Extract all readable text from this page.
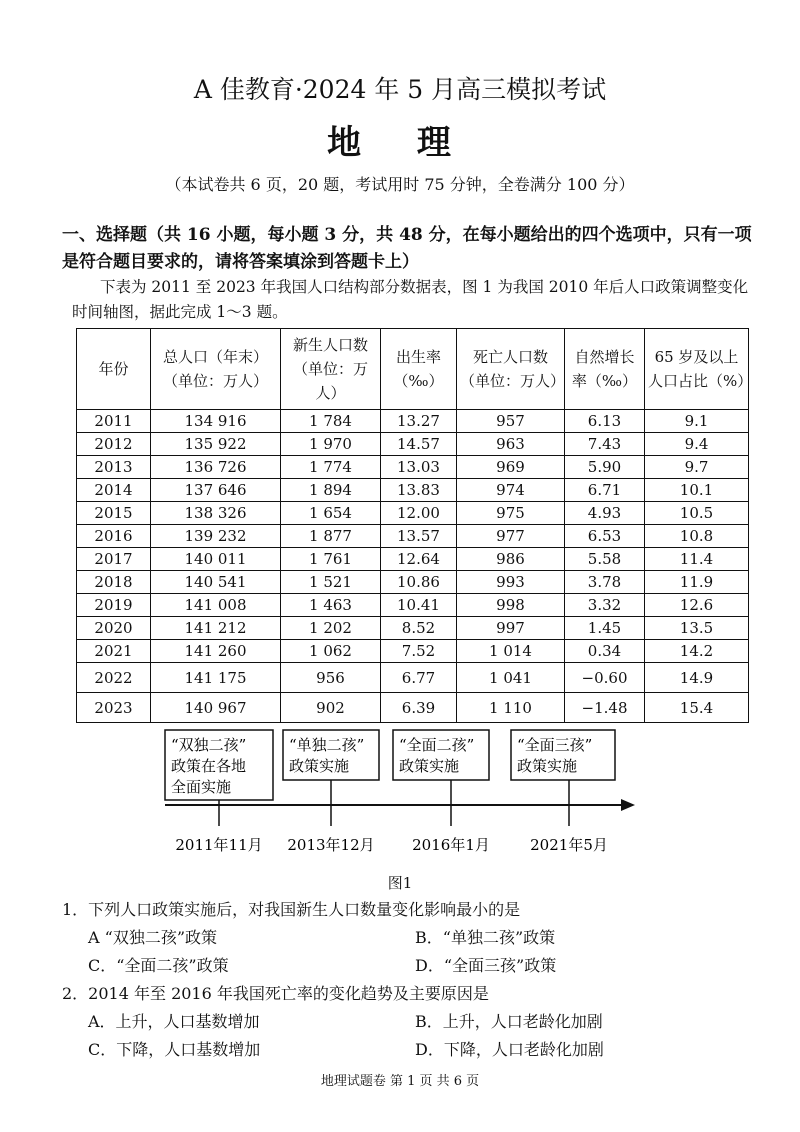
A 佳教育·2024 年 5 月高三模拟考试
地 理
（本试卷共 6 页，20 题，考试用时 75 分钟，全卷满分 100 分）
一、选择题（共 16 小题，每小题 3 分，共 48 分，在每小题给出的四个选项中，只有一项是符合题目要求的，请将答案填涂到答题卡上）
下表为 2011 至 2023 年我国人口结构部分数据表，图 1 为我国 2010 年后人口政策调整变化时间轴图，据此完成 1～3 题。
年份	总人口（年末）（单位：万人）	新生人口数（单位：万人）	出生率（‰）	死亡人口数（单位：万人）	自然增长率（‰）	65 岁及以上人口占比（%）
2011	134 916	1 784	13.27	957	6.13	9.1
2012	135 922	1 970	14.57	963	7.43	9.4
2013	136 726	1 774	13.03	969	5.90	9.7
2014	137 646	1 894	13.83	974	6.71	10.1
2015	138 326	1 654	12.00	975	4.93	10.5
2016	139 232	1 877	13.57	977	6.53	10.8
2017	140 011	1 761	12.64	986	5.58	11.4
2018	140 541	1 521	10.86	993	3.78	11.9
2019	141 008	1 463	10.41	998	3.32	12.6
2020	141 212	1 202	8.52	997	1.45	13.5
2021	141 260	1 062	7.52	1 014	0.34	14.2
2022	141 175	956	6.77	1 041	−0.60	14.9
2023	140 967	902	6.39	1 110	−1.48	15.4
“双独二孩”
政策在各地
全面实施
2011年11月
“单独二孩”
政策实施
2013年12月
“全面二孩”
政策实施
2016年1月
“全面三孩”
政策实施
2021年5月
图1
1．下列人口政策实施后，对我国新生人口数量变化影响最小的是
A “双独二孩”政策	B．“单独二孩”政策
C．“全面二孩”政策	D．“全面三孩”政策
2．2014 年至 2016 年我国死亡率的变化趋势及主要原因是
A．上升，人口基数增加	B．上升，人口老龄化加剧
C．下降，人口基数增加	D．下降，人口老龄化加剧
地理试题卷 第 1 页 共 6 页
